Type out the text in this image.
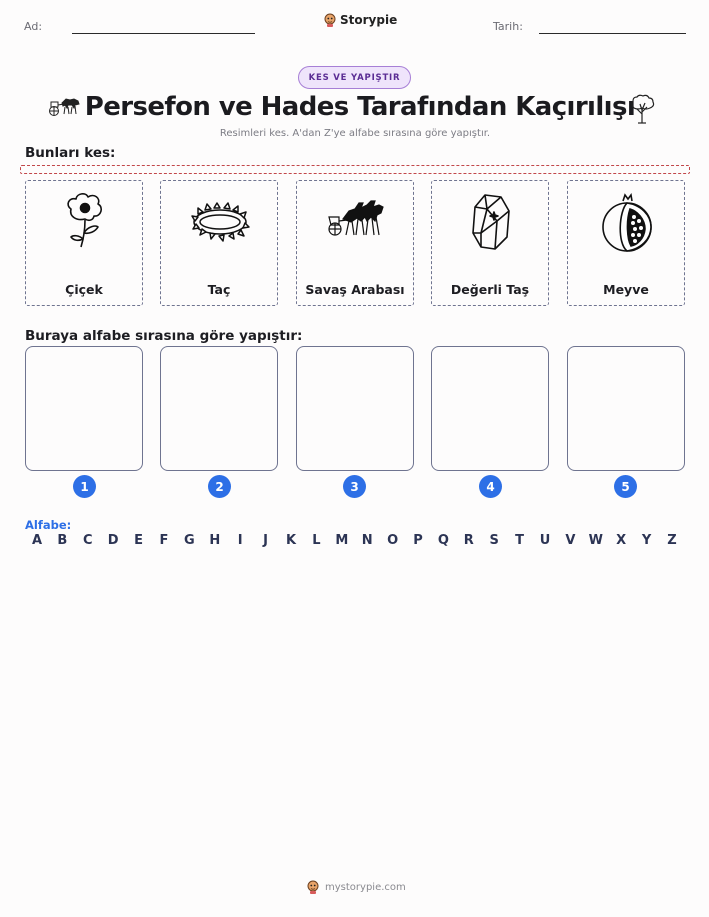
Ad:	Storypie	Tarih:
KES VE YAPIŞTIR
Persefon ve Hades Tarafından Kaçırılışı
Resimleri kes. A'dan Z'ye alfabe sırasına göre yapıştır.
Bunları kes:
Çiçek	Taç	Savaş Arabası	Değerli Taş	Meyve
Buraya alfabe sırasına göre yapıştır:
1	2	3	4	5
Alfabe:
A	B	C	D	E	F	G	H	I	J	K	L	M	N	O	P	Q	R	S	T	U	V	W	X	Y	Z
mystorypie.com
